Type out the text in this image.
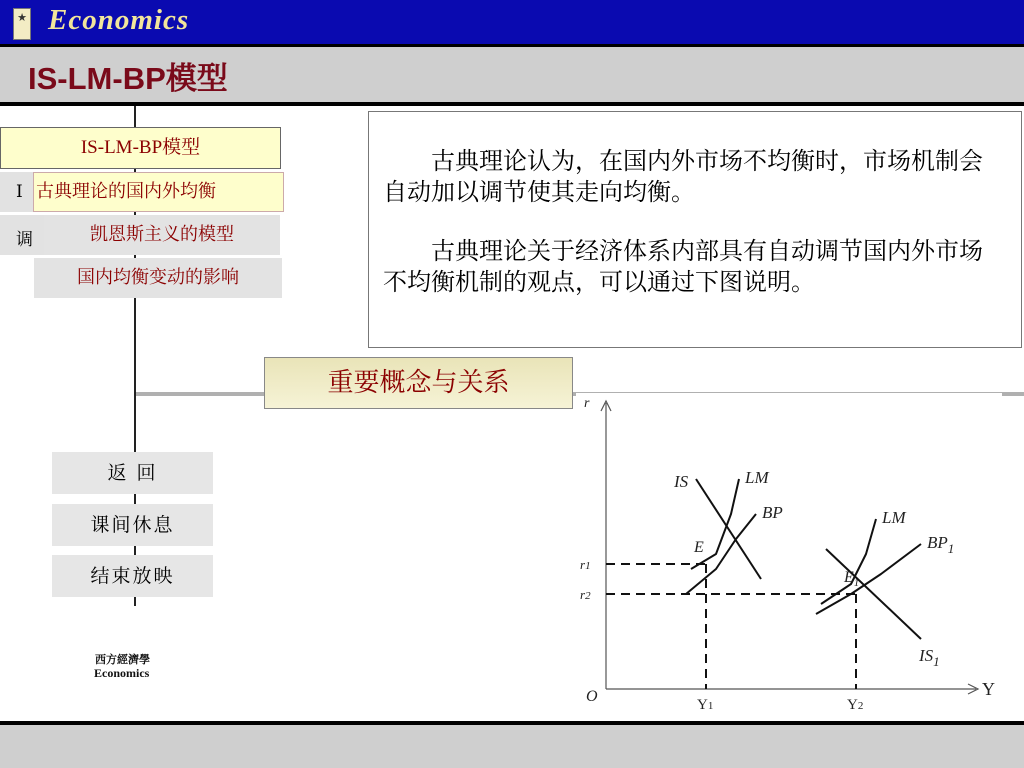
★ Economics
IS-LM-BP模型
I
调
IS-LM-BP模型
古典理论的国内外均衡
凯恩斯主义的模型
国内均衡变动的影响
返 回
课间休息
结束放映
西方經濟學
Economics

古典理论认为，在国内外市场不均衡时，市场机制会自动加以调节使其走向均衡。

古典理论关于经济体系内部具有自动调节国内外市场不均衡机制的观点，可以通过下图说明。

重要概念与关系
r
Y
O
IS	LM
BP
$IS_1$
LM
$BP_1$
E
r1
Y1
$E_1$
r2
Y2
